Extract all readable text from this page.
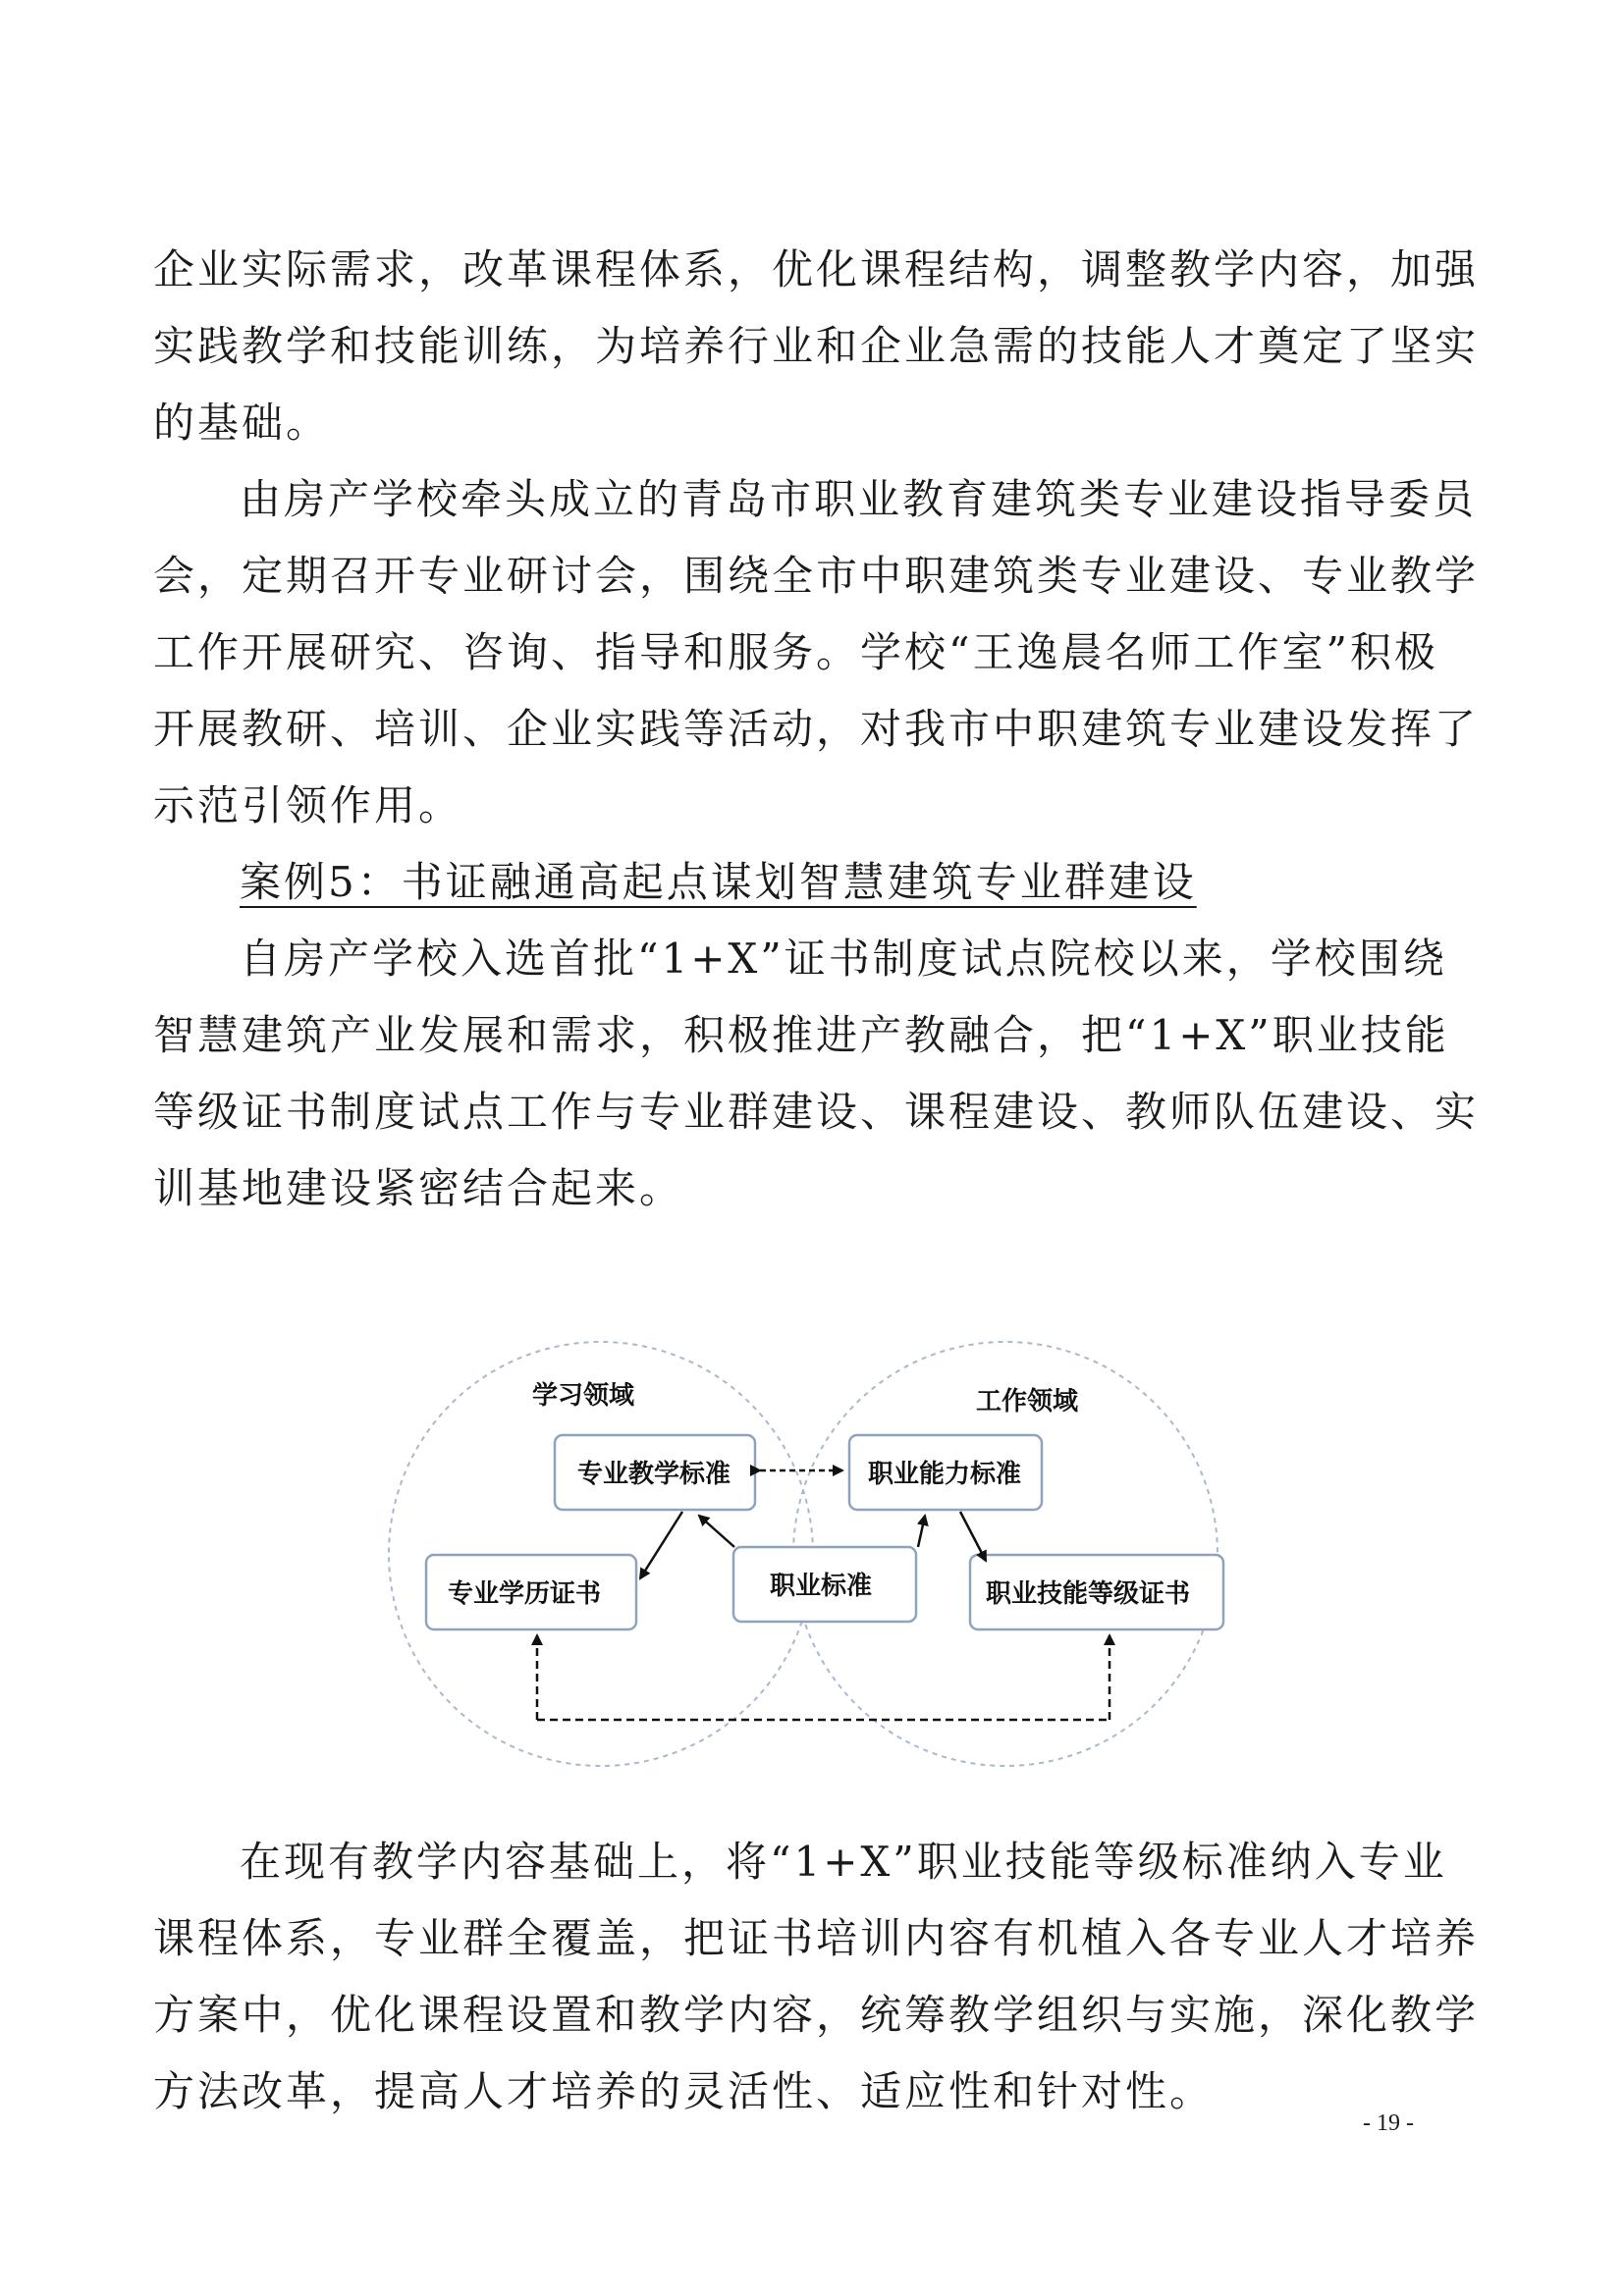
企业实际需求，改革课程体系，优化课程结构，调整教学内容，加强
实践教学和技能训练，为培养行业和企业急需的技能人才奠定了坚实
的基础。
由房产学校牵头成立的青岛市职业教育建筑类专业建设指导委员
会，定期召开专业研讨会，围绕全市中职建筑类专业建设、专业教学
工作开展研究、咨询、指导和服务。学校“王逸晨名师工作室”积极
开展教研、培训、企业实践等活动，对我市中职建筑专业建设发挥了
示范引领作用。
案例5：书证融通高起点谋划智慧建筑专业群建设
自房产学校入选首批“1+X”证书制度试点院校以来，学校围绕
智慧建筑产业发展和需求，积极推进产教融合，把“1+X”职业技能
等级证书制度试点工作与专业群建设、课程建设、教师队伍建设、实
训基地建设紧密结合起来。
学习领域	工作领域
专业教学标准	职业能力标准
专业学历证书	职业标准	职业技能等级证书
在现有教学内容基础上，将“1+X”职业技能等级标准纳入专业
课程体系，专业群全覆盖，把证书培训内容有机植入各专业人才培养
方案中，优化课程设置和教学内容，统筹教学组织与实施，深化教学
方法改革，提高人才培养的灵活性、适应性和针对性。
- 19 -
